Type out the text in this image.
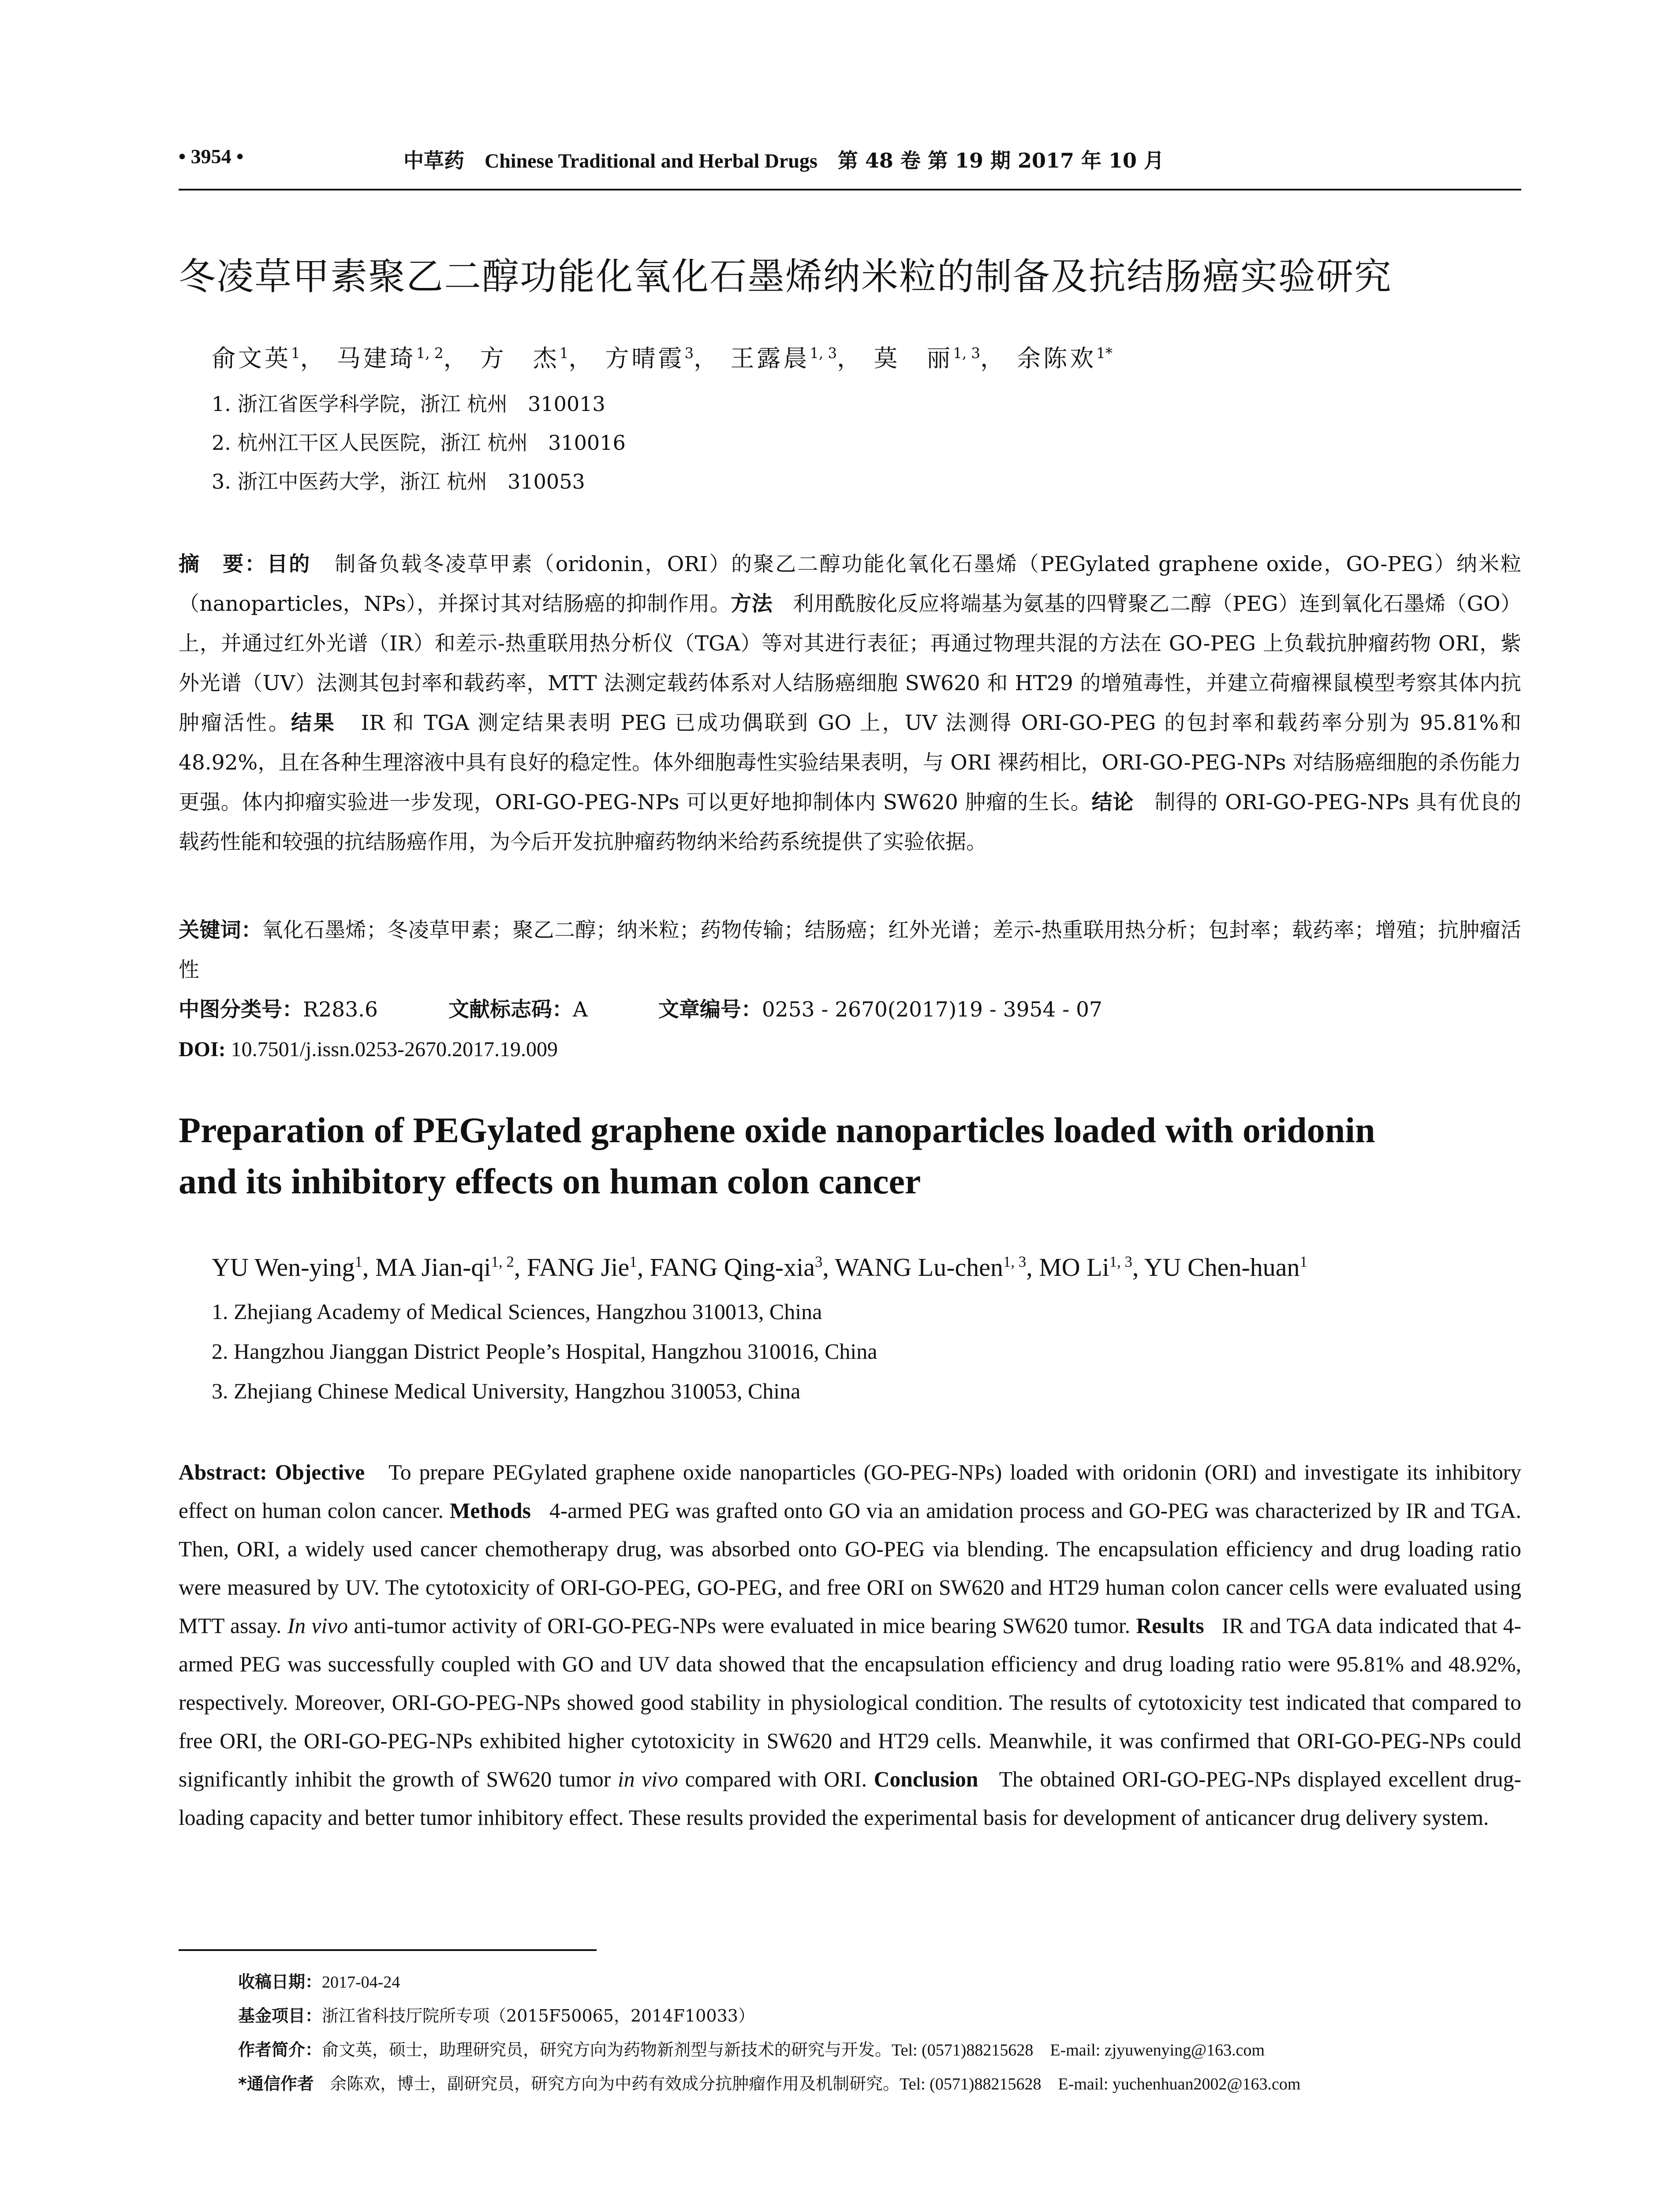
• 3954 •	中草药 Chinese Traditional and Herbal Drugs 第 48 卷 第 19 期 2017 年 10 月
冬凌草甲素聚乙二醇功能化氧化石墨烯纳米粒的制备及抗结肠癌实验研究
俞文英$^1$， 马建琦$^{1, 2}$， 方　杰$^1$， 方晴霞$^3$， 王露晨$^{1, 3}$， 莫　丽$^{1, 3}$， 余陈欢$^{1*}$
1. 浙江省医学科学院，浙江 杭州　310013
2. 杭州江干区人民医院，浙江 杭州　310016
3. 浙江中医药大学，浙江 杭州　310053
摘　要：目的 制备负载冬凌草甲素（oridonin，ORI）的聚乙二醇功能化氧化石墨烯（PEGylated graphene oxide，GO-PEG）纳米粒（nanoparticles，NPs），并探讨其对结肠癌的抑制作用。方法 利用酰胺化反应将端基为氨基的四臂聚乙二醇（PEG）连到氧化石墨烯（GO）上，并通过红外光谱（IR）和差示-热重联用热分析仪（TGA）等对其进行表征；再通过物理共混的方法在 GO-PEG 上负载抗肿瘤药物 ORI，紫外光谱（UV）法测其包封率和载药率，MTT 法测定载药体系对人结肠癌细胞 SW620 和 HT29 的增殖毒性，并建立荷瘤裸鼠模型考察其体内抗肿瘤活性。结果 IR 和 TGA 测定结果表明 PEG 已成功偶联到 GO 上，UV 法测得 ORI-GO-PEG 的包封率和载药率分别为 95.81%和 48.92%，且在各种生理溶液中具有良好的稳定性。体外细胞毒性实验结果表明，与 ORI 裸药相比，ORI-GO-PEG-NPs 对结肠癌细胞的杀伤能力更强。体内抑瘤实验进一步发现，ORI-GO-PEG-NPs 可以更好地抑制体内 SW620 肿瘤的生长。结论 制得的 ORI-GO-PEG-NPs 具有优良的载药性能和较强的抗结肠癌作用，为今后开发抗肿瘤药物纳米给药系统提供了实验依据。
关键词：氧化石墨烯；冬凌草甲素；聚乙二醇；纳米粒；药物传输；结肠癌；红外光谱；差示-热重联用热分析；包封率；载药率；增殖；抗肿瘤活性
中图分类号：R283.6	文献标志码：A	文章编号：0253 - 2670(2017)19 - 3954 - 07
DOI: 10.7501/j.issn.0253-2670.2017.19.009
Preparation of PEGylated graphene oxide nanoparticles loaded with oridonin
and its inhibitory effects on human colon cancer
YU Wen-ying$^1$, MA Jian-qi$^{1, 2}$, FANG Jie$^1$, FANG Qing-xia$^3$, WANG Lu-chen$^{1, 3}$, MO Li$^{1, 3}$, YU Chen-huan$^1$
1. Zhejiang Academy of Medical Sciences, Hangzhou 310013, China
2. Hangzhou Jianggan District People’s Hospital, Hangzhou 310016, China
3. Zhejiang Chinese Medical University, Hangzhou 310053, China
Abstract: Objective To prepare PEGylated graphene oxide nanoparticles (GO-PEG-NPs) loaded with oridonin (ORI) and investigate its inhibitory effect on human colon cancer. Methods 4-armed PEG was grafted onto GO via an amidation process and GO-PEG was characterized by IR and TGA. Then, ORI, a widely used cancer chemotherapy drug, was absorbed onto GO-PEG via blending. The encapsulation efficiency and drug loading ratio were measured by UV. The cytotoxicity of ORI-GO-PEG, GO-PEG, and free ORI on SW620 and HT29 human colon cancer cells were evaluated using MTT assay. In vivo anti-tumor activity of ORI-GO-PEG-NPs were evaluated in mice bearing SW620 tumor. Results IR and TGA data indicated that 4-armed PEG was successfully coupled with GO and UV data showed that the encapsulation efficiency and drug loading ratio were 95.81% and 48.92%, respectively. Moreover, ORI-GO-PEG-NPs showed good stability in physiological condition. The results of cytotoxicity test indicated that compared to free ORI, the ORI-GO-PEG-NPs exhibited higher cytotoxicity in SW620 and HT29 cells. Meanwhile, it was confirmed that ORI-GO-PEG-NPs could significantly inhibit the growth of SW620 tumor in vivo compared with ORI. Conclusion The obtained ORI-GO-PEG-NPs displayed excellent drug-loading capacity and better tumor inhibitory effect. These results provided the experimental basis for development of anticancer drug delivery system.
收稿日期：2017-04-24
基金项目：浙江省科技厅院所专项（2015F50065，2014F10033）
作者简介：俞文英，硕士，助理研究员，研究方向为药物新剂型与新技术的研究与开发。Tel: (0571)88215628　E-mail: zjyuwenying@163.com
*通信作者 余陈欢，博士，副研究员，研究方向为中药有效成分抗肿瘤作用及机制研究。Tel: (0571)88215628　E-mail: yuchenhuan2002@163.com
